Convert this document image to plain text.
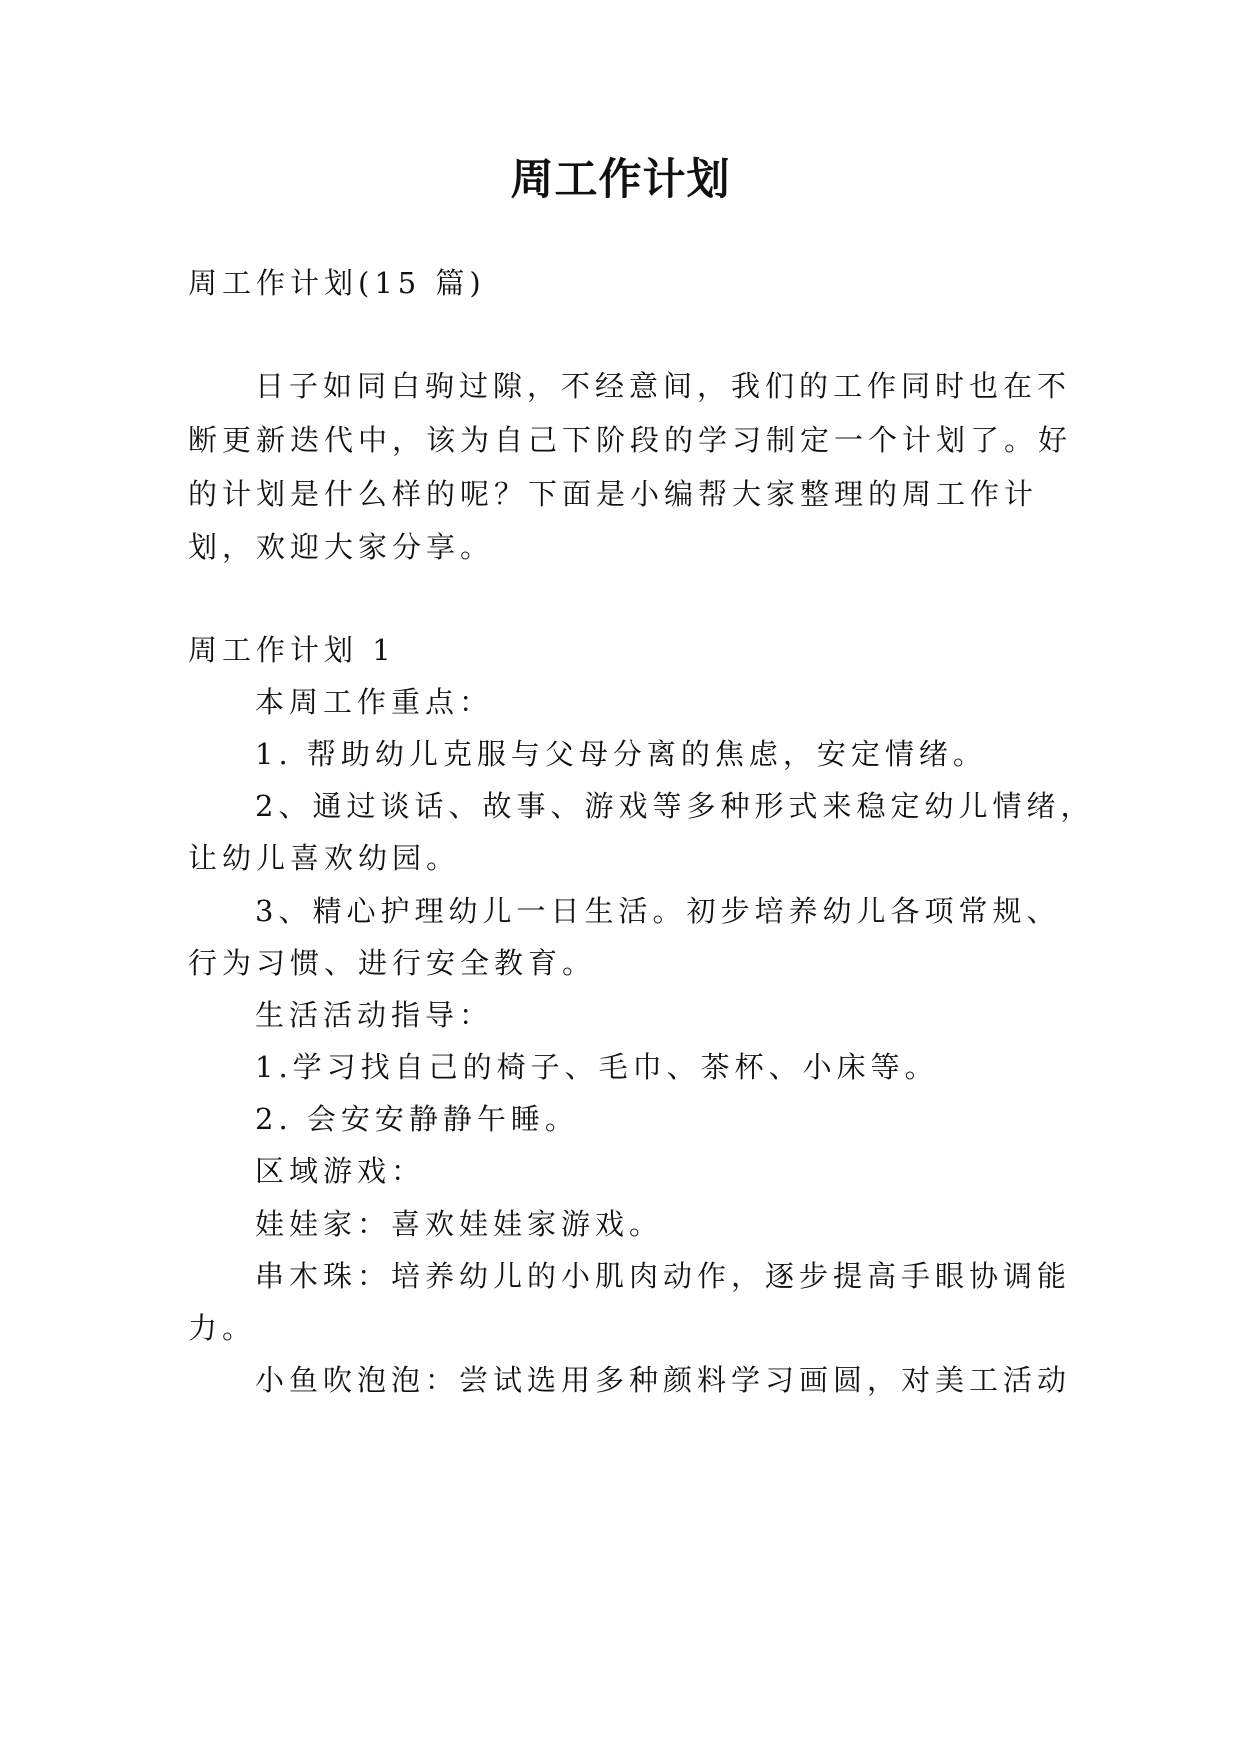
周工作计划
周工作计划(15 篇)
日子如同白驹过隙，不经意间，我们的工作同时也在不
断更新迭代中，该为自己下阶段的学习制定一个计划了。好
的计划是什么样的呢？下面是小编帮大家整理的周工作计
划，欢迎大家分享。
周工作计划 1
本周工作重点：
1. 帮助幼儿克服与父母分离的焦虑，安定情绪。
2、通过谈话、故事、游戏等多种形式来稳定幼儿情绪，
让幼儿喜欢幼园。
3、精心护理幼儿一日生活。初步培养幼儿各项常规、
行为习惯、进行安全教育。
生活活动指导：
1.学习找自己的椅子、毛巾、茶杯、小床等。
2. 会安安静静午睡。
区域游戏：
娃娃家：喜欢娃娃家游戏。
串木珠：培养幼儿的小肌肉动作，逐步提高手眼协调能
力。
小鱼吹泡泡：尝试选用多种颜料学习画圆，对美工活动
